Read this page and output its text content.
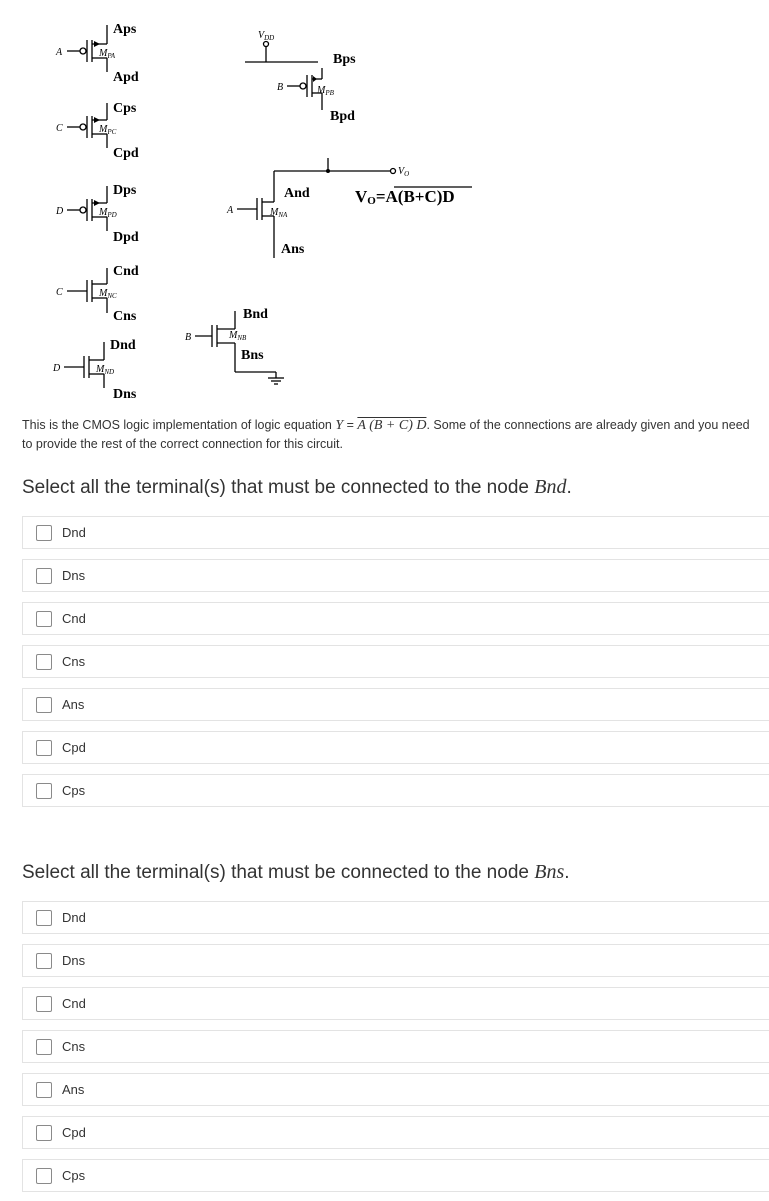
A
C
D
C
D
B
A
B
$M_{PA}$
$M_{PC}$
$M_{PD}$
$M_{NC}$
$M_{ND}$
$M_{PB}$
$M_{NA}$
$M_{NB}$
$V_{DD}$
Aps
Apd
Cps
Cpd
Dps
Dpd
Cnd
Cns
Dnd
Dns
Bps
Bpd
And
Ans
Bnd
Bns
$V_O$
VO=A(B+C)D
This is the CMOS logic implementation of logic equation Y = A (B + C) D. Some of the connections are already given and you need to provide the rest of the correct connection for this circuit.
Select all the terminal(s) that must be connected to the node Bnd.
Dnd
Dns
Cnd
Cns
Ans
Cpd
Cps
Select all the terminal(s) that must be connected to the node Bns.
Dnd
Dns
Cnd
Cns
Ans
Cpd
Cps
